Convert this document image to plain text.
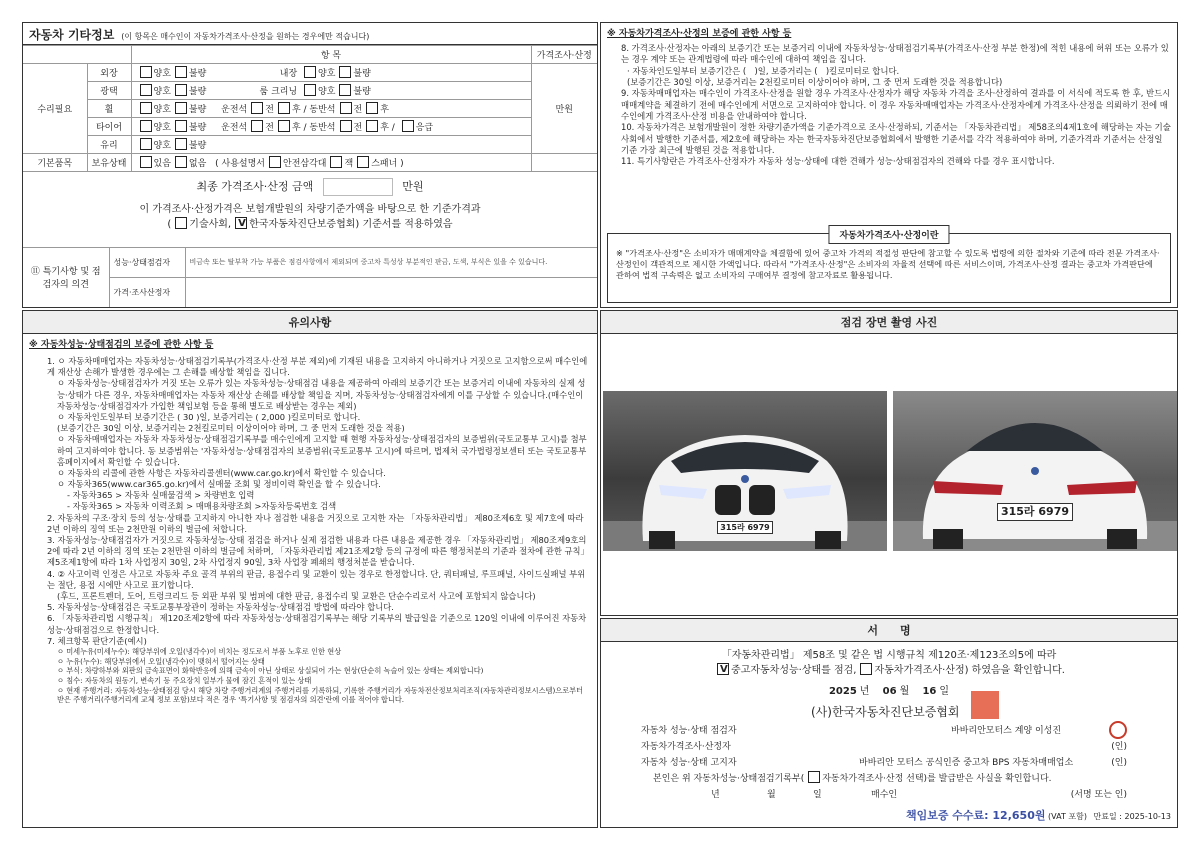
자동차 기타정보 (이 항목은 매수인이 자동차가격조사·산정을 원하는 경우에만 적습니다)
		항 목	가격조사·산정
수리필요	외장	양호 불량 내장 양호 불량	만원
	광택	양호 불량 룸 크리닝 양호 불량	
	휠	양호 불량 운전석 전 후 / 동반석 전 후	
	타이어	양호 불량 운전석 전 후 / 동반석 전 후 / 응급	
	유리	양호 불량	
기본품목	보유상태	있음 없음 ( 사용설명서 안전삼각대 잭 스패너 )	
최종 가격조사·산정 금액	만원
이 가격조사·산정가격은 보험개발원의 차량기준가액을 바탕으로 한 기준가격과
( 기술사회, V 한국자동차진단보증협회) 기준서를 적용하였음
⑪ 특기사항 및 점검자의 의견	성능·상태점검자	비금속 또는 탈부착 가능 부품은 점검사항에서 제외되며 중고차 특성상 부분적인 판금, 도색, 부식은 있을 수 있습니다.
	가격·조사산정자	
※ 자동차가격조사·산정의 보증에 관한 사항 등

8. 가격조사·산정자는 아래의 보증기간 또는 보증거리 이내에 자동차성능·상태점검기록부(가격조사·산정 부분 한정)에 적힌 내용에 허위 또는 오류가 있는 경우 계약 또는 관계법령에 따라 매수인에 대하여 책임을 집니다.

· 자동차인도일부터 보증기간은 (　)일, 보증거리는 (　)킬로미터로 합니다.

(보증기간은 30일 이상, 보증거리는 2천킬로미터 이상이어야 하며, 그 중 먼저 도래한 것을 적용합니다)

9. 자동차매매업자는 매수인이 가격조사·산정을 원할 경우 가격조사·산정자가 해당 자동차 가격을 조사·산정하여 결과를 이 서식에 적도록 한 후, 반드시 매매계약을 체결하기 전에 매수인에게 서면으로 고지하여야 합니다. 이 경우 자동차매매업자는 가격조사·산정자에게 가격조사·산정을 의뢰하기 전에 매수인에게 가격조사·산정 비용을 안내하여야 합니다.

10. 자동차가격은 보험개발원이 정한 차량기준가액을 기준가격으로 조사·산정하되, 기준서는 「자동차관리법」 제58조의4제1호에 해당하는 자는 기술사회에서 발행한 기준서를, 제2호에 해당하는 자는 한국자동차진단보증협회에서 발행한 기준서를 각각 적용하여야 하며, 기준가격과 기준서는 산정일 기준 가장 최근에 발행된 것을 적용합니다.

11. 특기사항란은 가격조사·산정자가 자동차 성능·상태에 대한 견해가 성능·상태점검자의 견해와 다를 경우 표시합니다.

자동차가격조사·산정이란

※ "가격조사·산정"은 소비자가 매매계약을 체결함에 있어 중고차 가격의 적절성 판단에 참고할 수 있도록 법령에 의한 절차와 기준에 따라 전문 가격조사·산정인이 객관적으로 제시한 가액입니다. 따라서 "가격조사·산정"은 소비자의 자율적 선택에 따른 서비스이며, 가격조사·산정 결과는 중고차 가격판단에 관하여 법적 구속력은 없고 소비자의 구매여부 결정에 참고자료로 활용됩니다.

유의사항
※ 자동차성능·상태점검의 보증에 관한 사항 등

1. ㅇ 자동차매매업자는 자동차성능·상태점검기록부(가격조사·산정 부분 제외)에 기재된 내용을 고지하지 아니하거나 거짓으로 고지함으로써 매수인에게 재산상 손해가 발생한 경우에는 그 손해를 배상할 책임을 집니다.

ㅇ 자동차성능·상태점검자가 거짓 또는 오류가 있는 자동차성능·상태점검 내용을 제공하여 아래의 보증기간 또는 보증거리 이내에 자동차의 실제 성능·상태가 다른 경우, 자동차매매업자는 자동차 재산상 손해를 배상할 책임을 지며, 자동차성능·상태점검자에게 이를 구상할 수 있습니다.(매수인이 자동차성능·상태점검자가 가입한 책임보험 등을 통해 별도로 배상받는 경우는 제외)

ㅇ 자동차인도일부터 보증기간은 ( 30 )일, 보증거리는 ( 2,000 )킬로미터로 합니다.

(보증기간은 30일 이상, 보증거리는 2천킬로미터 이상이어야 하며, 그 중 먼저 도래한 것을 적용)

ㅇ 자동차매매업자는 자동차 자동차성능·상태점검기록부를 매수인에게 고지할 때 현행 자동차성능·상태점검자의 보증범위(국토교통부 고시)를 첨부하여 고지하여야 합니다. 동 보증범위는 '자동차성능·상태점검자의 보증범위(국토교통부 고시)에 따르며, 법제처 국가법령정보센터 또는 국토교통부 홈페이지에서 확인할 수 있습니다.

ㅇ 자동차의 리콜에 관한 사항은 자동차리콜센터(www.car.go.kr)에서 확인할 수 있습니다.

ㅇ 자동차365(www.car365.go.kr)에서 실매물 조회 및 정비이력 확인을 할 수 있습니다.

- 자동차365 > 자동차 실매물검색 > 차량번호 입력

- 자동차365 > 자동차 이력조회 > 매매용차량조회 >자동차등록번호 검색

2. 자동차의 구조·장치 등의 성능·상태를 고지하지 아니한 자나 점검한 내용을 거짓으로 고지한 자는 「자동차관리법」 제80조제6호 및 제7호에 따라 2년 이하의 징역 또는 2천만원 이하의 벌금에 처합니다.

3. 자동차성능·상태점검자가 거짓으로 자동차성능·상태 점검을 하거나 실제 점검한 내용과 다른 내용을 제공한 경우 「자동차관리법」 제80조제9호의2에 따라 2년 이하의 징역 또는 2천만원 이하의 벌금에 처하며, 「자동차관리법 제21조제2항 등의 규정에 따른 행정처분의 기준과 절차에 관한 규칙」 제5조제1항에 따라 1차 사업정지 30일, 2차 사업정지 90일, 3차 사업장 폐쇄의 행정처분을 받습니다.

4. ② 사고이력 인정은 사고로 자동차 주요 골격 부위의 판금, 용접수리 및 교환이 있는 경우로 한정합니다. 단, 쿼터패널, 루프패널, 사이드실패널 부위는 절단, 용접 시에만 사고로 표기합니다.

(후드, 프론트펜더, 도어, 트렁크리드 등 외판 부위 및 범퍼에 대한 판금, 용접수리 및 교환은 단순수리로서 사고에 포함되지 않습니다)

5. 자동차성능·상태점검은 국토교통부장관이 정하는 자동차성능·상태점검 방법에 따라야 합니다.

6. 「자동차관리법 시행규칙」 제120조제2항에 따라 자동차성능·상태점검기록부는 해당 기록부의 발급일을 기준으로 120일 이내에 이루어진 자동차 성능·상태점검으로 한정합니다.

7. 체크항목 판단기준(예시)

ㅇ 미세누유(미세누수): 해당부위에 오일(냉각수)이 비치는 정도로서 부품 노후로 인한 현상

ㅇ 누유(누수): 해당부위에서 오일(냉각수)이 맺혀서 떨어지는 상태

ㅇ 부식: 차량하부와 외판의 금속표면이 화학반응에 의해 금속이 아닌 상태로 상실되어 가는 현상(단순히 녹슬어 있는 상태는 제외합니다)

ㅇ 침수: 자동차의 원동기, 변속기 등 주요장치 일부가 물에 잠긴 흔적이 있는 상태

ㅇ 현재 주행거리: 자동차성능·상태점검 당시 해당 차량 주행거리계의 주행거리를 기록하되, 기록한 주행거리가 자동차전산정보처리조직(자동차관리정보시스템)으로부터 받은 주행거리(주행거리계 교체 정보 포함)보다 적은 경우 '특기사항 및 점검자의 의견'란에 이를 적어야 합니다.

점검 장면 촬영 사진
315라 6979
315라 6979
서　　명
「자동차관리법」 제58조 및 같은 법 시행규칙 제120조·제123조의5에 따라
V중고자동차성능·상태를 점검, 자동차가격조사·산정) 하였음을 확인합니다.
2025 년 06 월 16 일
(사)한국자동차진단보증협회
자동차 성능·상태 점검자	바바리안모터스 계양 이성진
자동차가격조사·산정자	(인)
자동차 성능·상태 고지자	바바리안 모터스 공식인증 중고차 BPS 자동차매매업소	(인)
본인은 위 자동차성능·상태점검기록부( 자동차가격조사·산정 선택)를 발급받은 사실을 확인합니다.
년	월	일	매수인	(서명 또는 인)
책임보증 수수료: 12,650원 (VAT 포함) 만료일 : 2025-10-13
